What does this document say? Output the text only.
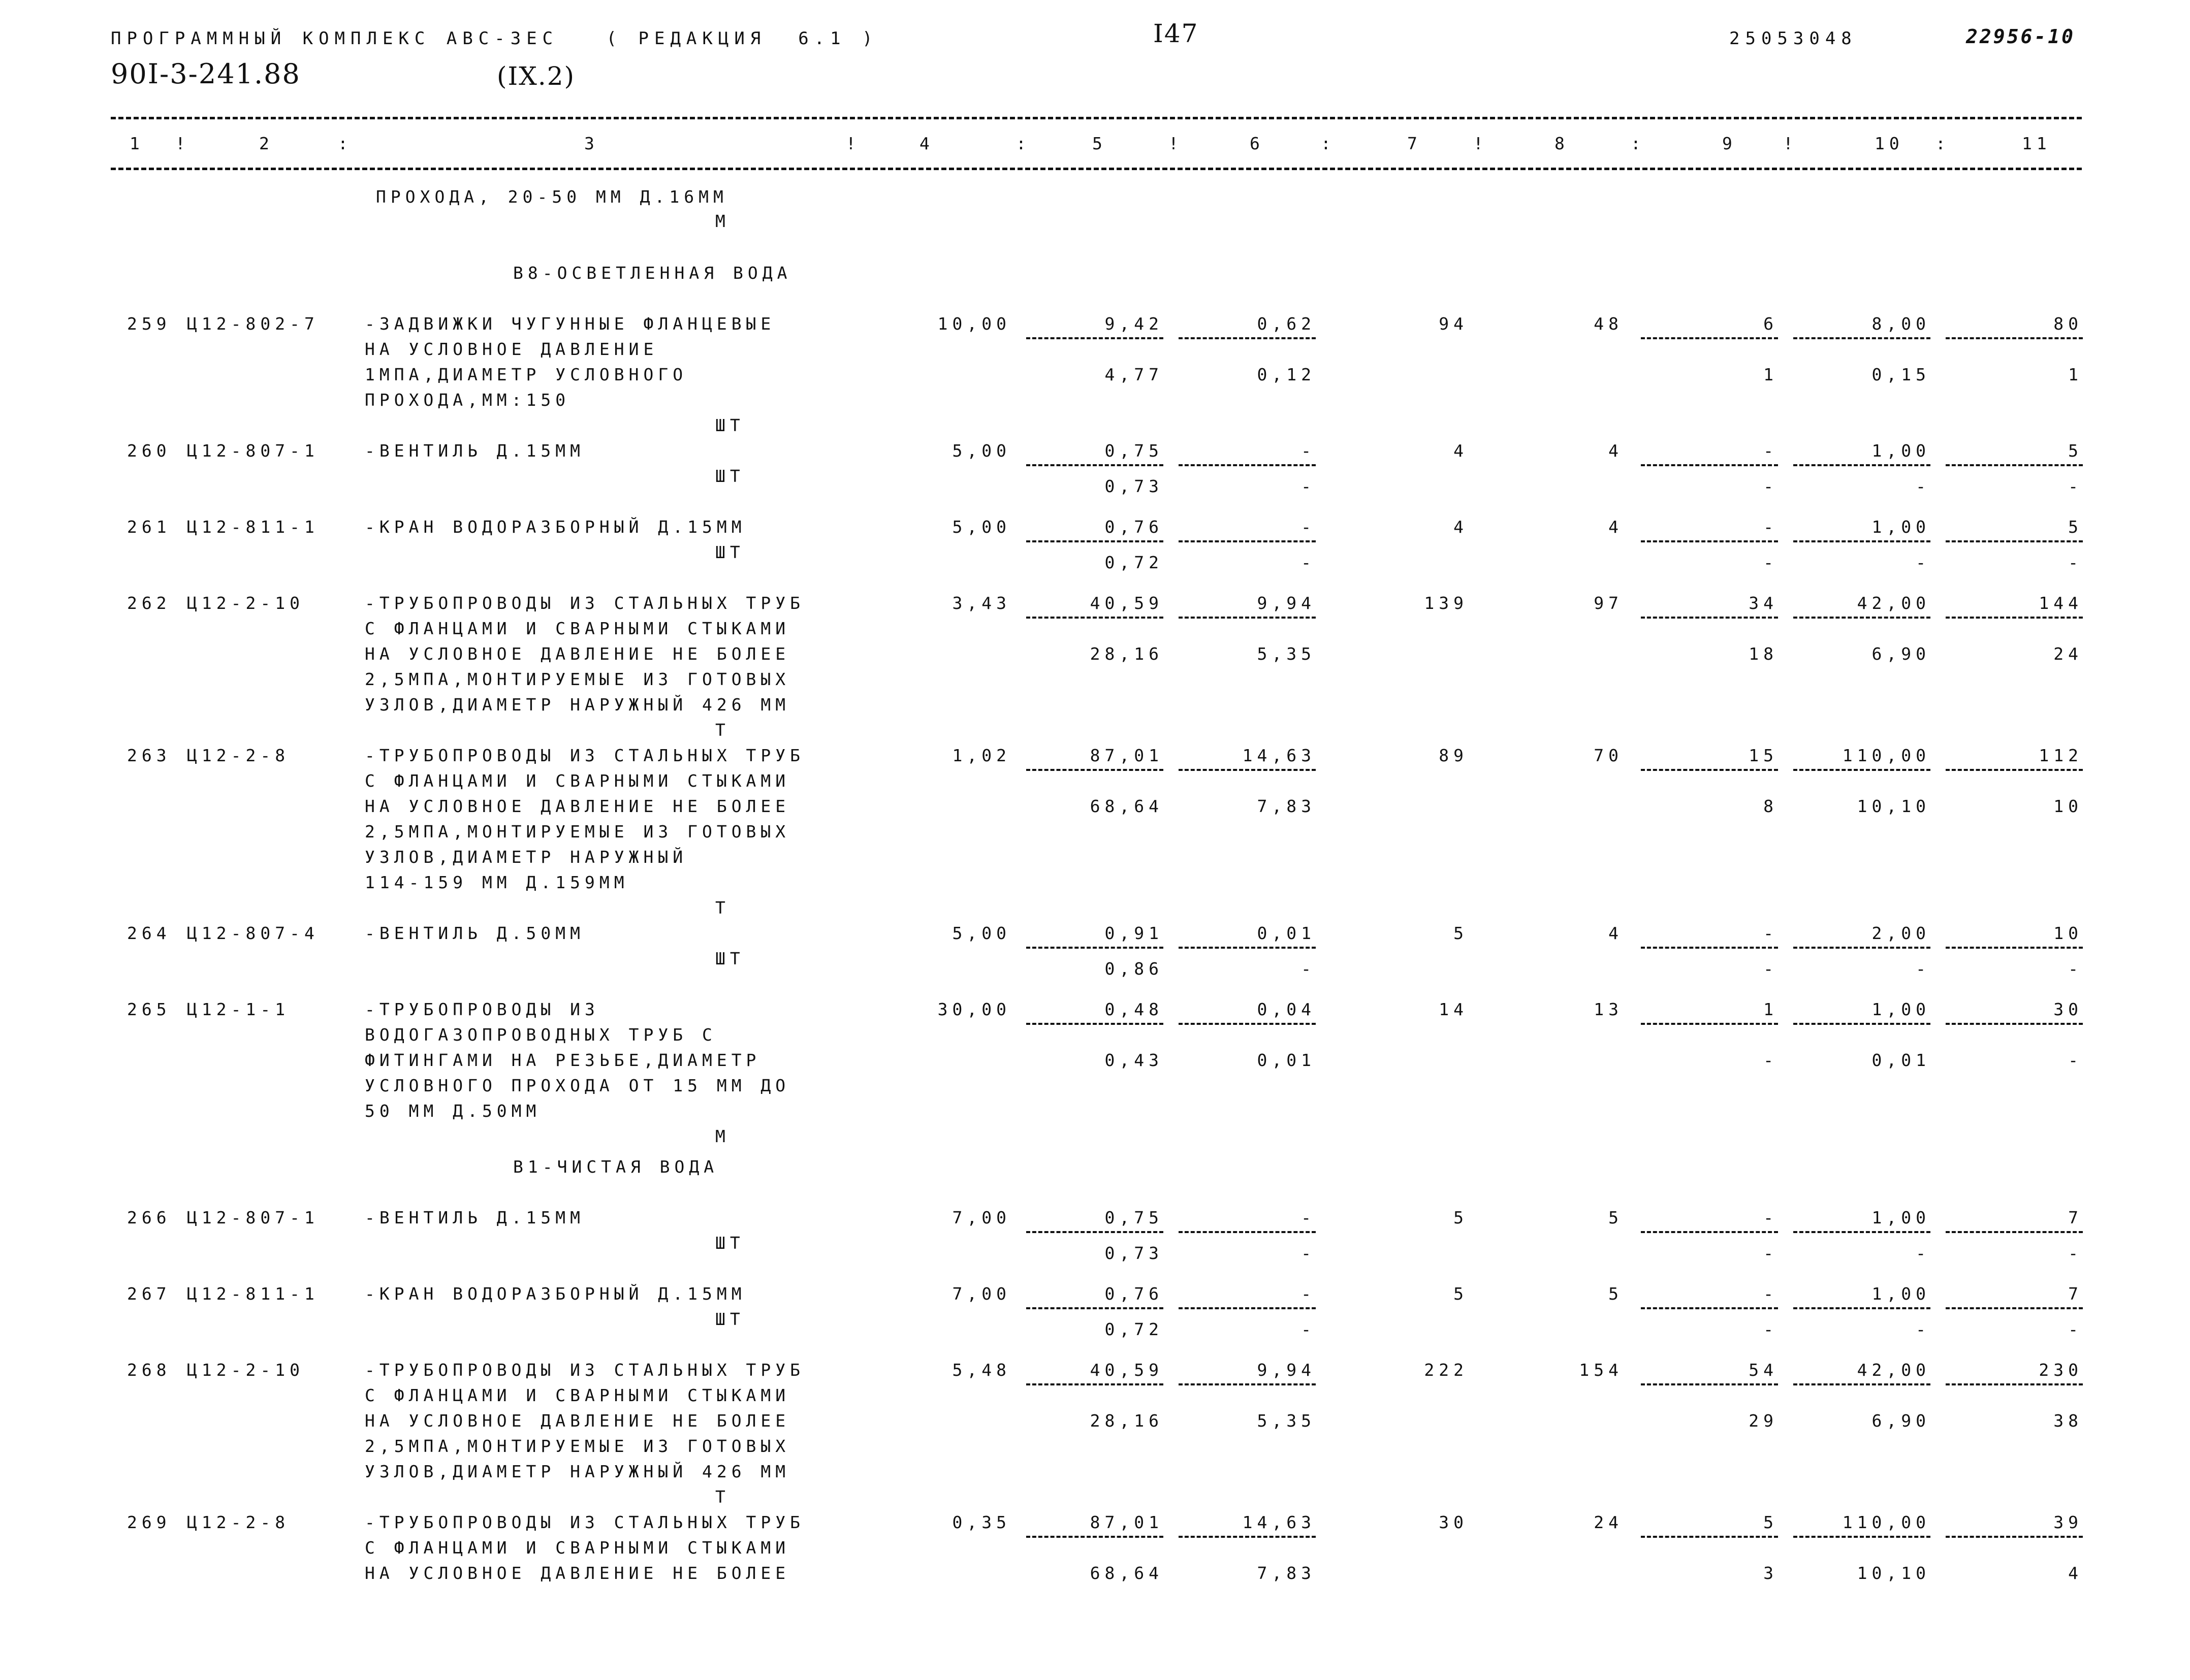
ПРОГРАММНЫЙ КОМПЛЕКС АВС-3ЕС   ( РЕДАКЦИЯ  6.1 )	I47	25053048	22956-10
90I-3-241.88	(IX.2)
1	2	3	4	5	6	7	8	9	10	11
!	:	!	:	!	:	!	:	!	:
ПРОХОДА, 20-50 ММ Д.16ММ
М
В8-ОСВЕТЛЕННАЯ ВОДА
259 Ц12-802-7	-ЗАДВИЖКИ ЧУГУННЫЕ ФЛАНЦЕВЫЕ
НА УСЛОВНОЕ ДАВЛЕНИЕ
1МПА,ДИАМЕТР УСЛОВНОГО
ПРОХОДА,ММ:150
10,00	9,42	0,62	94	48	6	8,00	80
4,77	0,12	1	0,15	1
ШТ
260 Ц12-807-1	-ВЕНТИЛЬ Д.15ММ	5,00	0,75	-	4	4	-	1,00	5
0,73	-	-	-	-
ШТ
261 Ц12-811-1	-КРАН ВОДОРАЗБОРНЫЙ Д.15ММ	5,00	0,76	-	4	4	-	1,00	5
0,72	-	-	-	-
ШТ
262 Ц12-2-10	-ТРУБОПРОВОДЫ ИЗ СТАЛЬНЫХ ТРУБ
С ФЛАНЦАМИ И СВАРНЫМИ СТЫКАМИ
НА УСЛОВНОЕ ДАВЛЕНИЕ НЕ БОЛЕЕ
2,5МПА,МОНТИРУЕМЫЕ ИЗ ГОТОВЫХ
УЗЛОВ,ДИАМЕТР НАРУЖНЫЙ 426 ММ
3,43	40,59	9,94	139	97	34	42,00	144
28,16	5,35	18	6,90	24
Т
263 Ц12-2-8	-ТРУБОПРОВОДЫ ИЗ СТАЛЬНЫХ ТРУБ
С ФЛАНЦАМИ И СВАРНЫМИ СТЫКАМИ
НА УСЛОВНОЕ ДАВЛЕНИЕ НЕ БОЛЕЕ
2,5МПА,МОНТИРУЕМЫЕ ИЗ ГОТОВЫХ
УЗЛОВ,ДИАМЕТР НАРУЖНЫЙ
114-159 ММ Д.159ММ
1,02	87,01	14,63	89	70	15	110,00	112
68,64	7,83	8	10,10	10
Т
264 Ц12-807-4	-ВЕНТИЛЬ Д.50ММ	5,00	0,91	0,01	5	4	-	2,00	10
0,86	-	-	-	-
ШТ
265 Ц12-1-1	-ТРУБОПРОВОДЫ ИЗ
ВОДОГАЗОПРОВОДНЫХ ТРУБ С
ФИТИНГАМИ НА РЕЗЬБЕ,ДИАМЕТР
УСЛОВНОГО ПРОХОДА ОТ 15 ММ ДО
50 ММ Д.50ММ
30,00	0,48	0,04	14	13	1	1,00	30
0,43	0,01	-	0,01	-
М
В1-ЧИСТАЯ ВОДА
266 Ц12-807-1	-ВЕНТИЛЬ Д.15ММ	7,00	0,75	-	5	5	-	1,00	7
0,73	-	-	-	-
ШТ
267 Ц12-811-1	-КРАН ВОДОРАЗБОРНЫЙ Д.15ММ	7,00	0,76	-	5	5	-	1,00	7
0,72	-	-	-	-
ШТ
268 Ц12-2-10	-ТРУБОПРОВОДЫ ИЗ СТАЛЬНЫХ ТРУБ
С ФЛАНЦАМИ И СВАРНЫМИ СТЫКАМИ
НА УСЛОВНОЕ ДАВЛЕНИЕ НЕ БОЛЕЕ
2,5МПА,МОНТИРУЕМЫЕ ИЗ ГОТОВЫХ
УЗЛОВ,ДИАМЕТР НАРУЖНЫЙ 426 ММ
5,48	40,59	9,94	222	154	54	42,00	230
28,16	5,35	29	6,90	38
Т
269 Ц12-2-8	-ТРУБОПРОВОДЫ ИЗ СТАЛЬНЫХ ТРУБ
С ФЛАНЦАМИ И СВАРНЫМИ СТЫКАМИ
НА УСЛОВНОЕ ДАВЛЕНИЕ НЕ БОЛЕЕ
0,35	87,01	14,63	30	24	5	110,00	39
68,64	7,83	3	10,10	4
